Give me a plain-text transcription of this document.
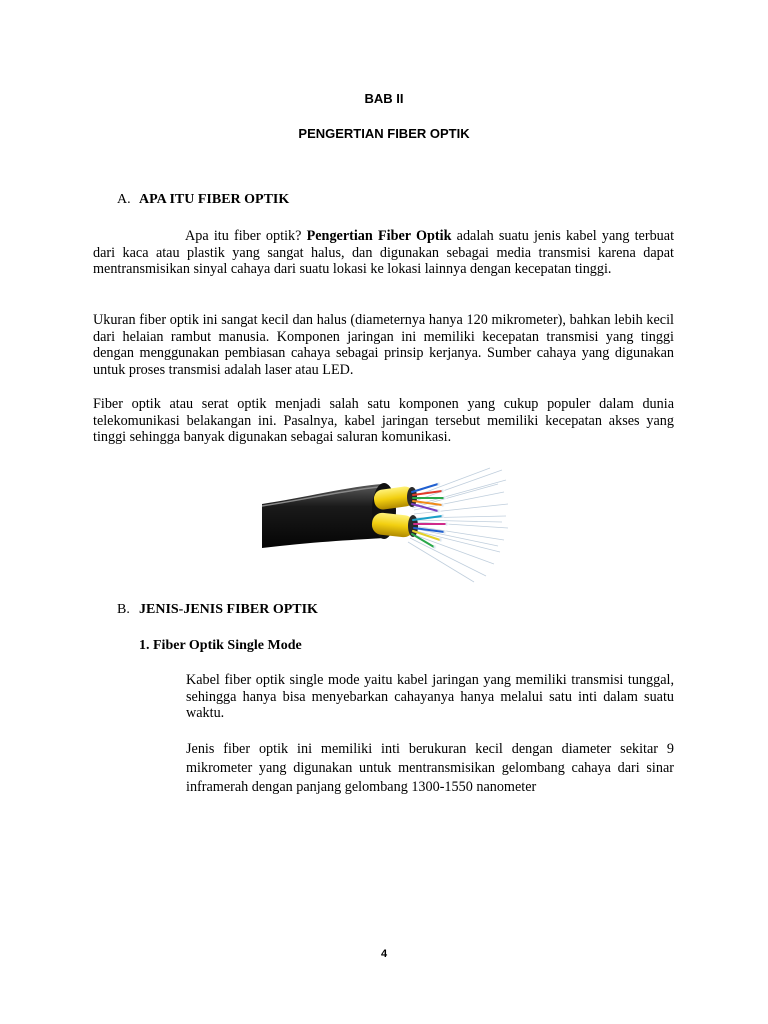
BAB II
PENGERTIAN FIBER OPTIK
A. APA ITU FIBER OPTIK
Apa itu fiber optik? Pengertian Fiber Optik adalah suatu jenis kabel yang terbuat dari kaca atau plastik yang sangat halus, dan digunakan sebagai media transmisi karena dapat mentransmisikan sinyal cahaya dari suatu lokasi ke lokasi lainnya dengan kecepatan tinggi.
Ukuran fiber optik ini sangat kecil dan halus (diameternya hanya 120 mikrometer), bahkan lebih kecil dari helaian rambut manusia. Komponen jaringan ini memiliki kecepatan transmisi yang tinggi dengan menggunakan pembiasan cahaya sebagai prinsip kerjanya. Sumber cahaya yang digunakan untuk proses transmisi adalah laser atau LED.
Fiber optik atau serat optik menjadi salah satu komponen yang cukup populer dalam dunia telekomunikasi belakangan ini. Pasalnya, kabel jaringan tersebut memiliki kecepatan akses yang tinggi sehingga banyak digunakan sebagai saluran komunikasi.
B. JENIS-JENIS FIBER OPTIK
1. Fiber Optik Single Mode
Kabel fiber optik single mode yaitu kabel jaringan yang memiliki transmisi tunggal, sehingga hanya bisa menyebarkan cahayanya hanya melalui satu inti dalam suatu waktu.
Jenis fiber optik ini memiliki inti berukuran kecil dengan diameter sekitar 9 mikrometer yang digunakan untuk mentransmisikan gelombang cahaya dari sinar inframerah dengan panjang gelombang 1300-1550 nanometer
4
